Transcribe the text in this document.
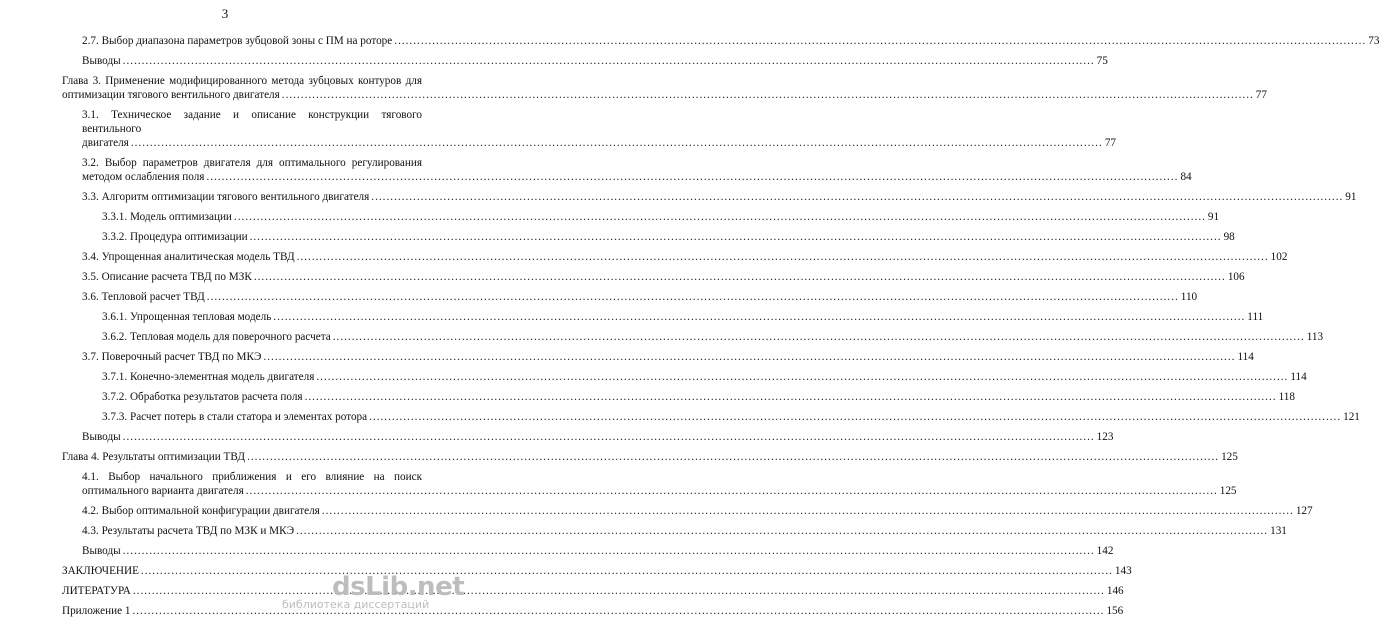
3
2.7. Выбор диапазона параметров зубцовой зоны с ПМ на роторе .....	73
Выводы .....	75
Глава 3. Применение модифицированного метода зубцовых контуров для
оптимизации тягового вентильного двигателя .....	77
3.1. Техническое задание и описание конструкции тягового вентильного
двигателя .....	77
3.2. Выбор параметров двигателя для оптимального регулирования
методом ослабления поля .....	84
3.3. Алгоритм оптимизации тягового вентильного двигателя .....	91
3.3.1. Модель оптимизации .....	91
3.3.2. Процедура оптимизации .....	98
3.4. Упрощенная аналитическая модель ТВД .....	102
3.5. Описание расчета ТВД по МЗК .....	106
3.6. Тепловой расчет ТВД .....	110
3.6.1. Упрощенная тепловая модель .....	111
3.6.2. Тепловая модель для поверочного расчета .....	113
3.7. Поверочный расчет ТВД по МКЭ .....	114
3.7.1. Конечно-элементная модель двигателя .....	114
3.7.2. Обработка результатов расчета поля .....	118
3.7.3. Расчет потерь в стали статора и элементах ротора .....	121
Выводы .....	123
Глава 4. Результаты оптимизации ТВД .....	125
4.1. Выбор начального приближения и его влияние на поиск
оптимального варианта двигателя .....	125
4.2. Выбор оптимальной конфигурации двигателя .....	127
4.3. Результаты расчета ТВД по МЗК и МКЭ .....	131
Выводы .....	142
ЗАКЛЮЧЕНИЕ .....	143
ЛИТЕРАТУРА .....	146
Приложение 1 .....	156
dsLib.net
библиотека диссертаций
